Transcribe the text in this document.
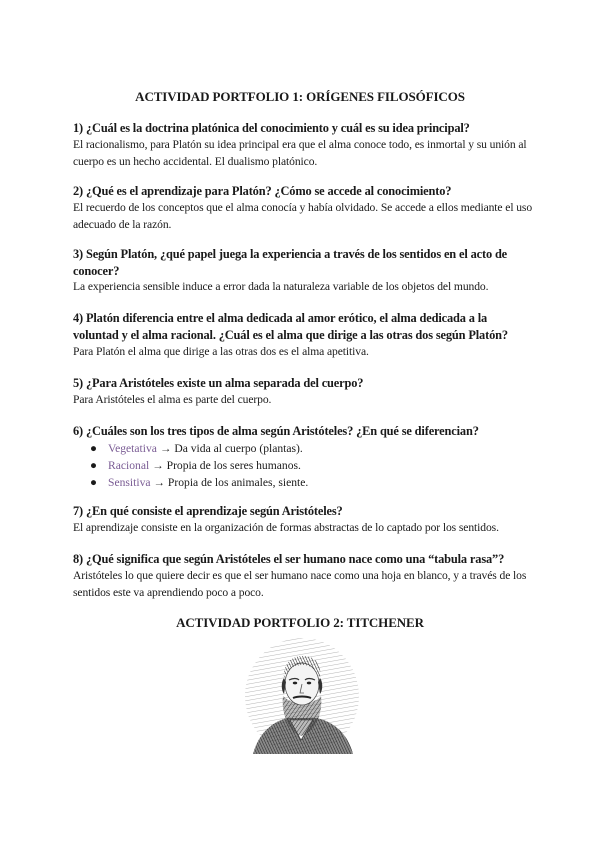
ACTIVIDAD PORTFOLIO 1: ORÍGENES FILOSÓFICOS
1) ¿Cuál es la doctrina platónica del conocimiento y cuál es su idea principal?
El racionalismo, para Platón su idea principal era que el alma conoce todo, es inmortal y su unión al cuerpo es un hecho accidental. El dualismo platónico.
2) ¿Qué es el aprendizaje para Platón? ¿Cómo se accede al conocimiento?
El recuerdo de los conceptos que el alma conocía y había olvidado. Se accede a ellos mediante el uso adecuado de la razón.
3) Según Platón, ¿qué papel juega la experiencia a través de los sentidos en el acto de conocer?
La experiencia sensible induce a error dada la naturaleza variable de los objetos del mundo.
4) Platón diferencia entre el alma dedicada al amor erótico, el alma dedicada a la voluntad y el alma racional. ¿Cuál es el alma que dirige a las otras dos según Platón?
Para Platón el alma que dirige a las otras dos es el alma apetitiva.
5) ¿Para Aristóteles existe un alma separada del cuerpo?
Para Aristóteles el alma es parte del cuerpo.
6) ¿Cuáles son los tres tipos de alma según Aristóteles? ¿En qué se diferencian?
● Vegetativa → Da vida al cuerpo (plantas).
● Racional → Propia de los seres humanos.
● Sensitiva → Propia de los animales, siente.
7) ¿En qué consiste el aprendizaje según Aristóteles?
El aprendizaje consiste en la organización de formas abstractas de lo captado por los sentidos.
8) ¿Qué significa que según Aristóteles el ser humano nace como una “tabula rasa”?
Aristóteles lo que quiere decir es que el ser humano nace como una hoja en blanco, y a través de los sentidos este va aprendiendo poco a poco.
ACTIVIDAD PORTFOLIO 2: TITCHENER
